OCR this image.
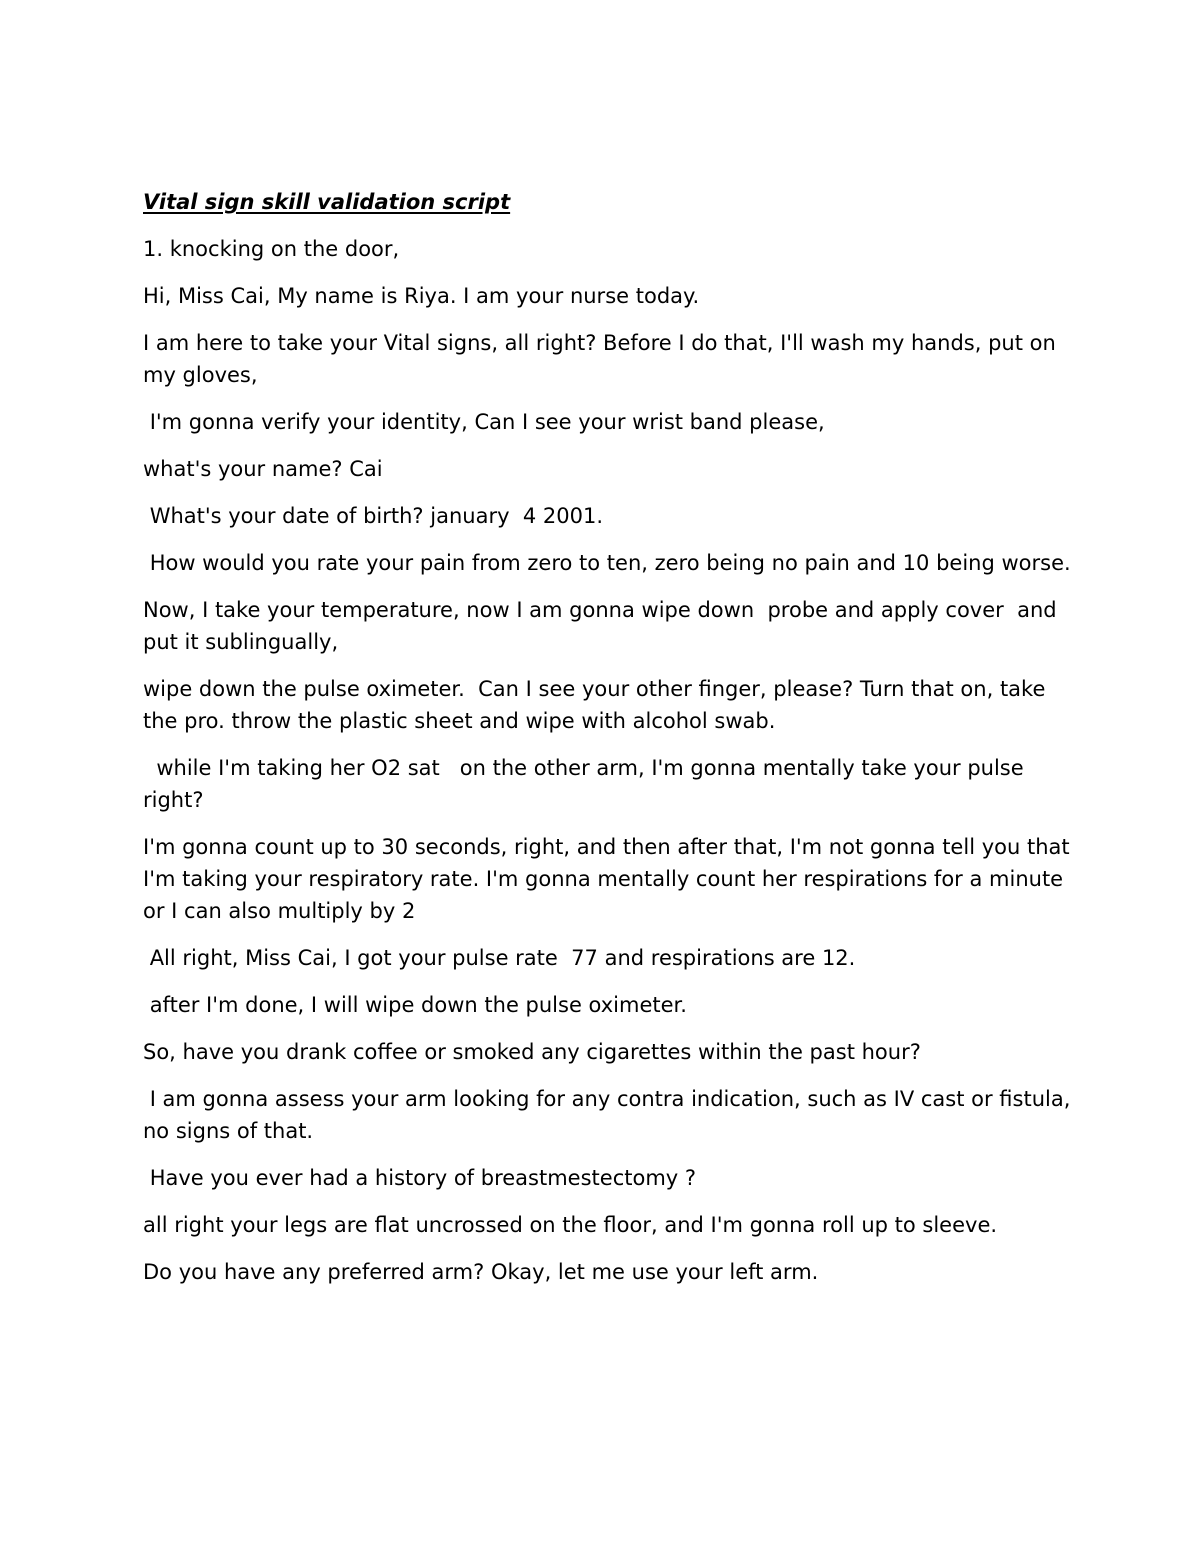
Vital sign skill validation script

1. knocking on the door,

Hi, Miss Cai, My name is Riya. I am your nurse today.

I am here to take your Vital signs, all right? Before I do that, I'll wash my hands, put on my gloves,

I'm gonna verify your identity, Can I see your wrist band please,

what's your name? Cai

What's your date of birth? january  4 2001.

How would you rate your pain from zero to ten, zero being no pain and 10 being worse.

Now, I take your temperature, now I am gonna wipe down  probe and apply cover  and put it sublingually,

wipe down the pulse oximeter.  Can I see your other finger, please? Turn that on, take the pro. throw the plastic sheet and wipe with alcohol swab.

while I'm taking her O2 sat   on the other arm, I'm gonna mentally take your pulse right?

I'm gonna count up to 30 seconds, right, and then after that, I'm not gonna tell you that I'm taking your respiratory rate. I'm gonna mentally count her respirations for a minute or I can also multiply by 2

All right, Miss Cai, I got your pulse rate  77 and respirations are 12.

after I'm done, I will wipe down the pulse oximeter.

So, have you drank coffee or smoked any cigarettes within the past hour?

I am gonna assess your arm looking for any contra indication, such as IV cast or fistula, no signs of that.

Have you ever had a history of breastmestectomy ?

all right your legs are flat uncrossed on the floor, and I'm gonna roll up to sleeve.

Do you have any preferred arm? Okay, let me use your left arm.
